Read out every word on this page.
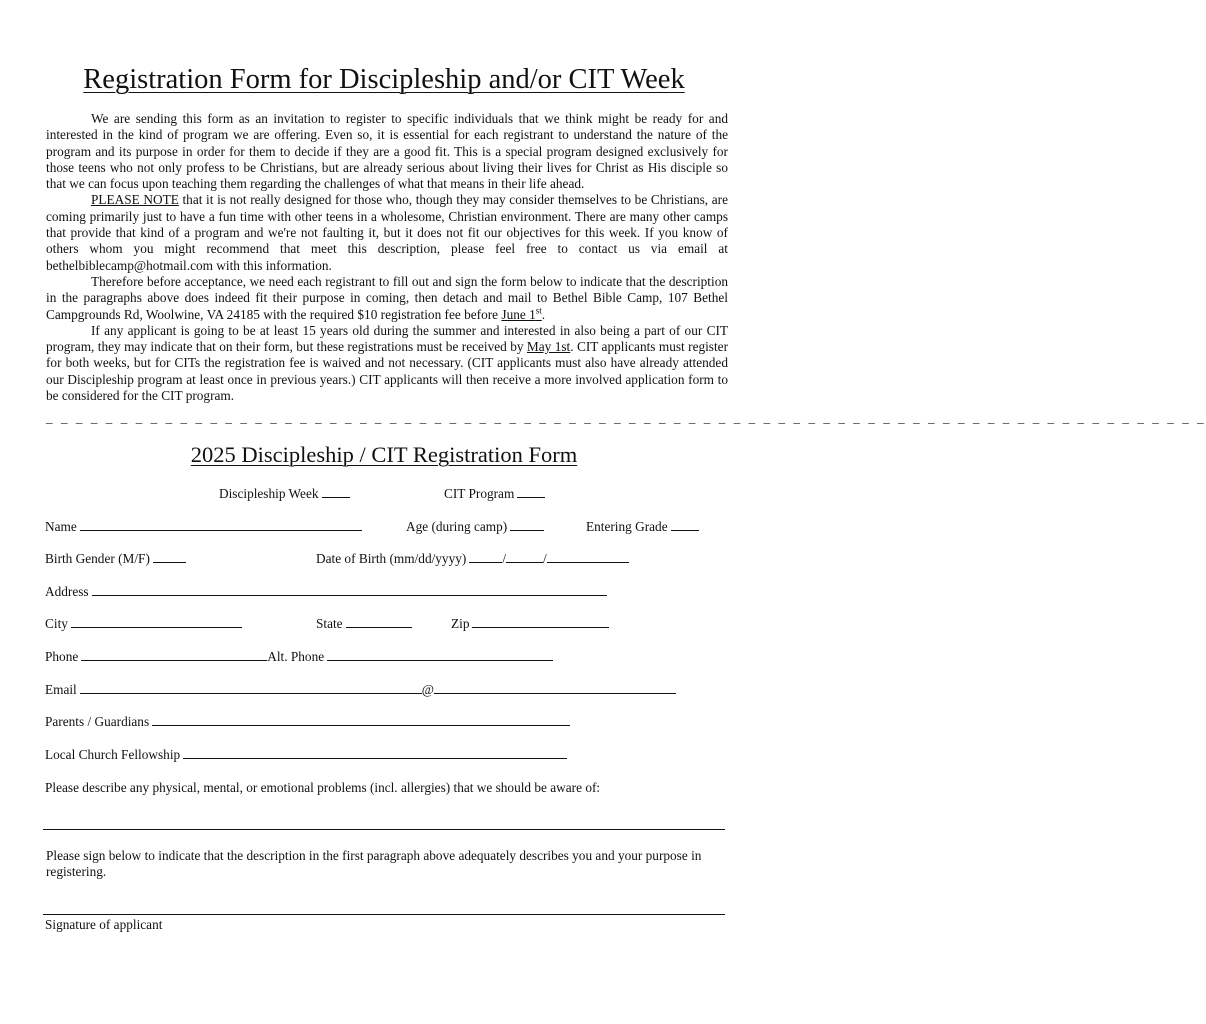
Registration Form for Discipleship and/or CIT Week

We are sending this form as an invitation to register to specific individuals that we think might be ready for and interested in the kind of program we are offering. Even so, it is essential for each registrant to understand the nature of the program and its purpose in order for them to decide if they are a good fit. This is a special program designed exclusively for those teens who not only profess to be Christians, but are already serious about living their lives for Christ as His disciple so that we can focus upon teaching them regarding the challenges of what that means in their life ahead.

PLEASE NOTE that it is not really designed for those who, though they may consider themselves to be Christians, are coming primarily just to have a fun time with other teens in a wholesome, Christian environment. There are many other camps that provide that kind of a program and we're not faulting it, but it does not fit our objectives for this week. If you know of others whom you might recommend that meet this description, please feel free to contact us via email at bethelbiblecamp@hotmail.com with this information.

Therefore before acceptance, we need each registrant to fill out and sign the form below to indicate that the description in the paragraphs above does indeed fit their purpose in coming, then detach and mail to Bethel Bible Camp, 107 Bethel Campgrounds Rd, Woolwine, VA 24185 with the required $10 registration fee before June 1st.

If any applicant is going to be at least 15 years old during the summer and interested in also being a part of our CIT program, they may indicate that on their form, but these registrations must be received by May 1st. CIT applicants must register for both weeks, but for CITs the registration fee is waived and not necessary. (CIT applicants must also have already attended our Discipleship program at least once in previous years.) CIT applicants will then receive a more involved application form to be considered for the CIT program.

_ _ _ _ _ _ _ _ _ _ _ _ _ _ _ _ _ _ _ _ _ _ _ _ _ _ _ _ _ _ _ _ _ _ _ _ _ _ _ _ _ _ _ _ _ _ _ _ _ _ _ _ _ _ _ _ _ _ _ _ _ _ _ _ _ _ _ _ _ _ _ _ _ _ _ _ _ _
2025 Discipleship / CIT Registration Form
Discipleship Week	CIT Program
Name	Age (during camp)	Entering Grade
Birth Gender (M/F)	Date of Birth (mm/dd/yyyy)	/	/
Address
City	State	Zip
Phone	Alt. Phone
Email	@
Parents / Guardians
Local Church Fellowship
Please describe any physical, mental, or emotional problems (incl. allergies) that we should be aware of:
Please sign below to indicate that the description in the first paragraph above adequately describes you and your purpose in registering.
Signature of applicant
